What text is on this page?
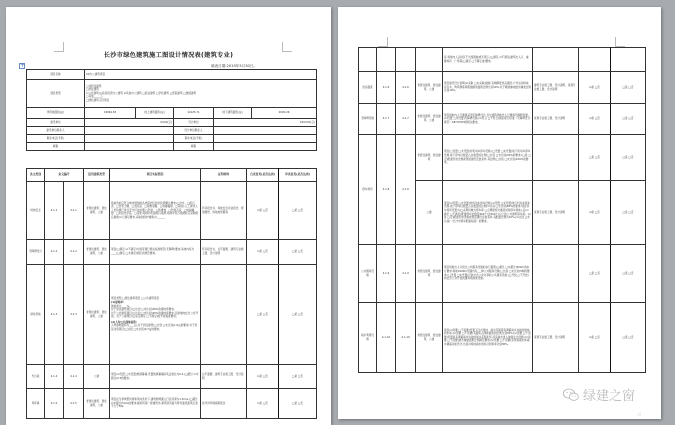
长沙市绿色建筑施工图设计情况表(建筑专业)
+	填表日期:2019年5月30日。
项目名称	XX办公建筑项目				
项目类型	□非居住建筑
□居住建筑
☑公共建筑(□政府投资办公建筑 ☑其他办公建筑 □商业建筑 □学校建筑 □医院建筑 □旅馆建筑
□其他______)
□绿色建筑示范项目				

净用地面积(㎡)	19864.83	地上建筑面积(㎡)	11025.71	地下建筑面积(㎡)	2000.26
建设单位	XXXX(章)		设计单位	XXXXXX(章)	
建设单位联系人			设计单位联系人		
联系电话(手机)			联系电话(手机)		
邮箱			邮箱		
条文类别	条文编号		适用建筑类型	项目实际情况	证明材料	自查意见(是否达到)	审查意见(是否达到)
场地安全	4.1.1	4.1.1	非居住建筑、居住建筑、公建	场地选址应符合城市规划的各类保护区和危险源避让要求(□洪水、□泥石流、□含氡土壤、□危险品、□易燃易爆、□电磁辐射、□其他),人工或非人工危险源已进行安全评估处理:□防洪、□防滑坡、□防泥石流、□电磁辐射、□危险化学品、□其他;场地内无超标污染源,场地外有污染源时应采取相应措施:☑已满足要求,采取的防护措施为:______	环评报告书、场地安全评估报告、规划图纸、场地地形图等	☑是 □否	□是 □否
无障碍设计	4.1.2	4.1.2	非居住建筑、居住建筑、公建	项目(□满足 ☑不满足)与国家现行相关标准规范(无障碍)要求,具体内容为____(□满足 □未满足)相应的规范要求。	环评报告书、总平面图、建筑专业施工图、设计说明	☑是 □否	□是 □否
绿化用地	4.1.3	4.1.3	非居住建筑、居住建筑、公建	
项目类型:□居住建筑项目 □公共建筑项目
(1)绿地率:
绿地率为____%。
对于居住建筑项目(□达到 □未达到)30%的绿地率要求。
对于公共建筑项目(□达到 □未达到)30%的绿地率要求,且绿地向社会公众开放。对于公建项目(□是否满足 □不满足)的开放程度要求。
(2)人均公共绿地面积:
人均绿地面积为____㎡,对于居住建筑(□达到 □未达到)1.0㎡的要求;对于旧区改造项目(□达到 □未达到)0.7㎡的要求。
		□是 □否	□是 □否
光污染	4.1.4	4.1.4	公建	项目(☑设置 □未设置)玻璃幕墙,设置玻璃幕墙时其反射比为0.2,(□超过 ☑未超过)0.2的要求。	总平面图、建筑专业施工图、设计说明	☑是 □否	□是 □否
风环境	4.1.5	4.1.5	非居住建筑、居住建筑、公建	项目在冬季典型风速和风向条件下,建筑物周围人行区风速为1.5m/s,(□超过 ☑未超过)5m/s的要求;除迎风第一排建筑外,建筑迎风面与背风面表面风压差不大于5Pa	室外风环境模拟报告	☑是 □否	□是 □否
				室:场地内人活动区不出现涡旋或无风区;(□满足 ☑不满足)建筑出入口、重要场所、广场等(□满足 □不满足)的要求。			
热岛强度	4.1.6	4.1.6	非居住建筑、居住建筑、公建	项目建设设计说明(☑采取 □未采取)措施,有效降低热岛强度,户外活动场地有乔木、构筑物等遮阴措施的面积比例达到10%,对于硬质铺地透水铺装比例达到10%。	建筑专业施工图、设计说明、景观专业施工图、设计说明	☑是 □否	□是 □否
无障碍设施	4.1.7	4.1.7	非居住建筑、居住建筑、公建	项目场地内人行通道采用无障碍设计,且与建筑场地外人行通道无障碍连通。(☑设置 □未设置)无障碍设施,(☑符合 □不符合)国家现行标准《无障碍设计规范》GB 50763的相关要求。	景观专业施工图、设计说明	☑是 □否	□是 □否
停车场所	4.1.8	4.1.8	非居住建筑、居住建筑	项目(□设置 □未设置)非机动车停车设施,(□设置 □未设置)地下机动车停车设施,地下停车位数量占总数量的比例(□达到 □未达到)90%的要求;(□是 □否)配建充电设施或预留建设安装条件,其比例(□达到 □未达到)100%的要求。		□是 □否	□是 □否
			公建	项目(☑设置 □未设置)非机动车停车设施,(☑设置 □未设置)地下机动车停车设施,地下停车位数量占总数量的比例(☑达到 □未达到)80%的要求;项目停车场所设置为(□采用机械式停车库 □合理组织交通流线和停车场地),且(☑满足 □不满足)配建停车位数量400个(含400个)以上的公共建筑停车场。(☑是 □否)配建充电设施或预留建设安装条件,其配建比例为10%,(☑达到 □未达到)《长沙市停车配建标准》的要求。	景观专业施工图、设计说明	☑是 □否	□是 □否
公共服务设施	4.1.9	4.1.9	非居住建筑、居住建筑	项目场地出入口到达公共服务设施的步行距离(□超过 □未超过)500m的步行要求;场地1000m范围内有___种公共服务设施(□达到 □未达到)5种的要求;(□设置 □未设置)可供社会公众共享的公共服务设施,(□开放 □不开放)向社会公众开放的建筑场地或设施。		□是 □否	□是 □否
雨水利用设施	4.1.10	4.1.10	非居住建筑、居住建筑、公建	项目(☑需要 □不需要)设置下凹式绿地、雨水花园等有调蓄雨水功能的绿地和水体,(☑需要 □不需要)其面积占绿地面积的比例达到30%;(☑需要 □不需要)设置具有调蓄雨水功能的雨水花园系统,径流雨水进入地面生态设施;(☑需要 □不需要)透水铺装面积比例满足要求;(☑需要 □不需要)采用景观水体雨水调蓄功能设计,达到对场地雨水的综合利用率达到30%。	景观专业施工图、设计说明	☑是 □否	□是 □否
□
绿建之窗
